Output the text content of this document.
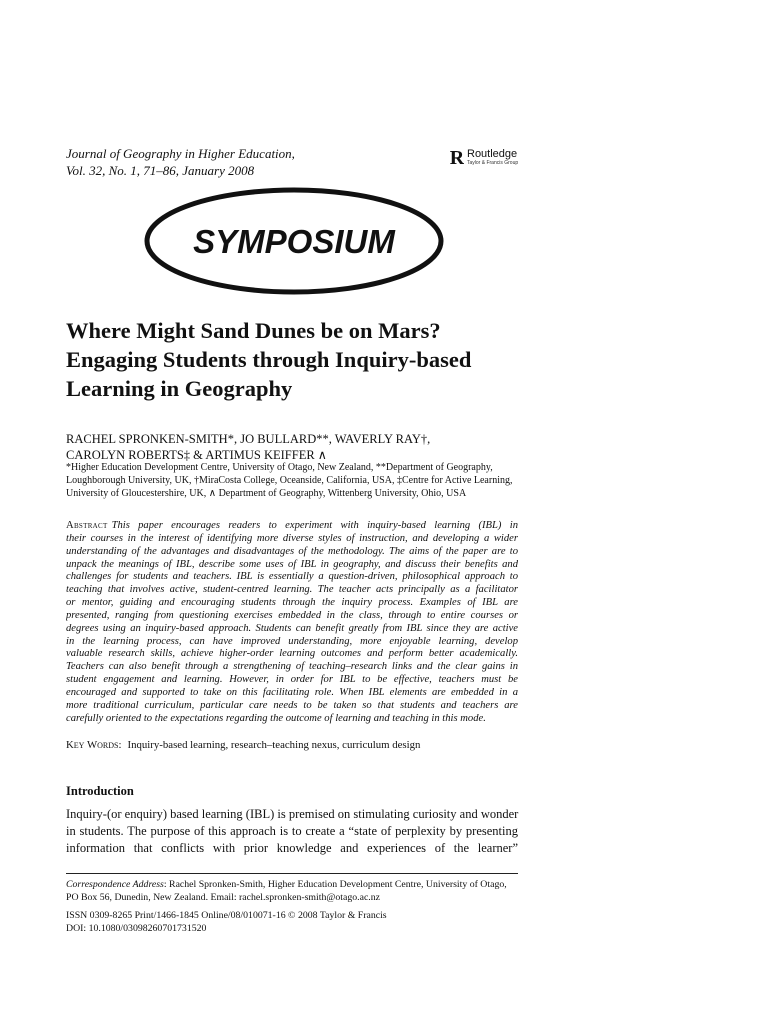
Journal of Geography in Higher Education,
Vol. 32, No. 1, 71–86, January 2008
R Routledge
Taylor & Francis Group
SYMPOSIUM
Where Might Sand Dunes be on Mars?
Engaging Students through Inquiry-based
Learning in Geography
RACHEL SPRONKEN-SMITH*, JO BULLARD**, WAVERLY RAY†,
CAROLYN ROBERTS‡ & ARTIMUS KEIFFER ∧
*Higher Education Development Centre, University of Otago, New Zealand, **Department of Geography,
Loughborough University, UK, †MiraCosta College, Oceanside, California, USA, ‡Centre for Active Learning,
University of Gloucestershire, UK, ∧ Department of Geography, Wittenberg University, Ohio, USA
Abstract This paper encourages readers to experiment with inquiry-based learning (IBL) in
their courses in the interest of identifying more diverse styles of instruction, and developing a wider
understanding of the advantages and disadvantages of the methodology. The aims of the paper are to
unpack the meanings of IBL, describe some uses of IBL in geography, and discuss their benefits and
challenges for students and teachers. IBL is essentially a question-driven, philosophical approach to
teaching that involves active, student-centred learning. The teacher acts principally as a facilitator
or mentor, guiding and encouraging students through the inquiry process. Examples of IBL are
presented, ranging from questioning exercises embedded in the class, through to entire courses or
degrees using an inquiry-based approach. Students can benefit greatly from IBL since they are active
in the learning process, can have improved understanding, more enjoyable learning, develop
valuable research skills, achieve higher-order learning outcomes and perform better academically.
Teachers can also benefit through a strengthening of teaching–research links and the clear gains in
student engagement and learning. However, in order for IBL to be effective, teachers must be
encouraged and supported to take on this facilitating role. When IBL elements are embedded in a
more traditional curriculum, particular care needs to be taken so that students and teachers are
carefully oriented to the expectations regarding the outcome of learning and teaching in this mode.
Key Words: Inquiry-based learning, research–teaching nexus, curriculum design
Introduction
Inquiry-(or enquiry) based learning (IBL) is premised on stimulating curiosity and wonder
in students. The purpose of this approach is to create a “state of perplexity by presenting
information that conflicts with prior knowledge and experiences of the learner”
Correspondence Address: Rachel Spronken-Smith, Higher Education Development Centre, University of Otago,
PO Box 56, Dunedin, New Zealand. Email: rachel.spronken-smith@otago.ac.nz
ISSN 0309-8265 Print/1466-1845 Online/08/010071-16 © 2008 Taylor & Francis
DOI: 10.1080/03098260701731520
